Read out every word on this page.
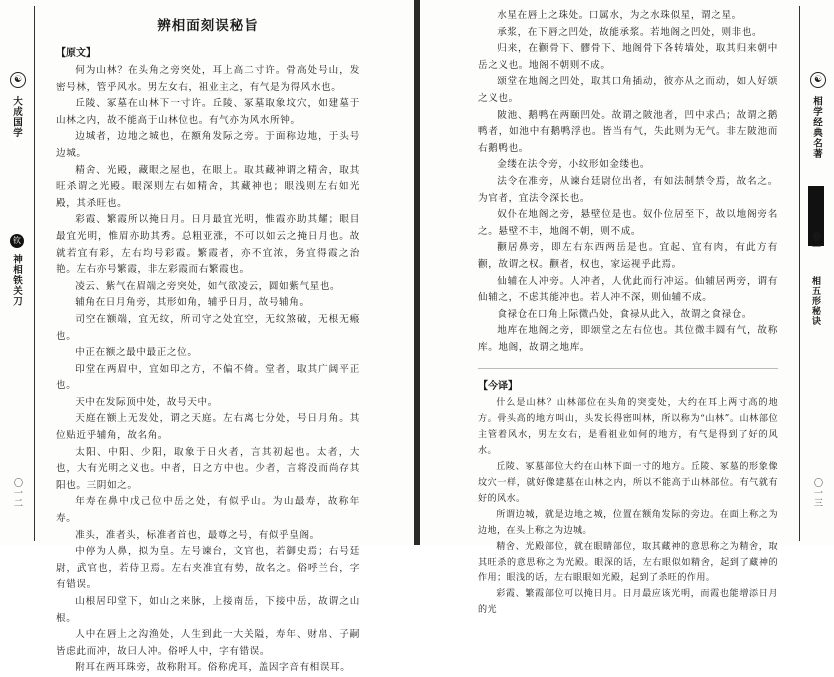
☯
大成国学
钦
神相铁关刀
〇一二
辨相面刻误秘旨
【原文】

何为山林？在头角之旁突处，耳上高二寸许。骨高处号山，发密号林，管乎风水。男左女右，祖业主之，有气是为得风水也。

丘陵、冢墓在山林下一寸许。丘陵、冢墓取象坟穴，如建墓于山林之内，故不能高于山林位也。有气亦为风水所钟。

边城者，边地之城也，在额角发际之旁。于面称边地，于头号边城。

精舍、光殿，藏眼之屋也，在眼上。取其藏神谓之精舍，取其旺杀谓之光殿。眼深则左右如精舍，其藏神也；眼浅则左右如光殿，其杀旺也。

彩霞、繁霞所以掩日月。日月最宜光明，惟霞亦助其耀；眼目最宜光明，惟眉亦助其秀。总粗亚涨，不可以如云之掩日月也。故就若宜有彩，左右均号彩霞。繁霞者，亦不宜浓，务宜得霞之治艳。左右亦号繁霞，非左彩霞而右繁霞也。

凌云、紫气在眉端之旁突处，如气欲凌云，圆如紫气星也。

辅角在日月角旁，其形如角，辅乎日月，故号辅角。

司空在额端，宜无纹，所司守之处宜空，无纹煞破，无根无瘢也。

中正在额之最中最正之位。

印堂在两眉中，宜如印之方，不偏不倚。堂者，取其广阔平正也。

天中在发际顶中处，故号天中。

天庭在额上无发处，谓之天庭。左右离七分处，号日月角。其位贴近乎辅角，故名角。

太阳、中阳、少阳，取象于日火者，言其初起也。太者，大也，大有光明之义也。中者，日之方中也。少者，言将没而尚存其阳也。三阴如之。

年寿在鼻中戊己位中岳之处，有似乎山。为山最寿，故称年寿。

准头，准者头，标准者首也，最尊之号，有似乎皇阁。

中停为人鼻，拟为皇。左号谏台，文官也，若御史焉；右号廷尉，武官也，若侍卫焉。左右夹准宜有势，故名之。俗呼兰台，字有错误。

山根居印堂下，如山之来脉，上接南岳，下接中岳，故谓之山根。

人中在唇上之沟渔处，人生到此一大关隘，寿年、财帛、子嗣皆虑此而冲，故曰人冲。俗呼人中，字有错误。

附耳在两耳珠旁，故称附耳。俗称虎耳，盖因字音有相误耳。

水星在唇上之珠处。口属水，为之水珠似星，谓之星。

承浆，在下唇之凹处，故能承浆。若地阁之凹处，则非也。

归来，在颧骨下、髎骨下、地阁骨下各转墙处，取其归来朝中岳之义也。地阁不朝则不成。

颂堂在地阁之凹处，取其口角插动，彼亦从之而动，如人好颂之义也。

陂池、鹅鸭在两颐凹处。故谓之陂池者，凹中求凸；故谓之鹅鸭者，如池中有鹅鸭浮也。皆当有气，失此则为无气。非左陂池而右鹅鸭也。

金缕在法令旁，小纹形如金缕也。

法令在准旁，从谏台廷尉位出者，有如法制禁令焉，故名之。为官者，宜法令深长也。

奴仆在地阁之旁，悬壁位是也。奴仆位居至下，故以地阁旁名之。悬壁不丰，地阁不朝，则不成。

颧居鼻旁，即左右东西两岳是也。宜起、宜有肉，有此方有颧，故谓之权。颧者，权也，家运视乎此焉。

仙辅在人冲旁。人冲者，人优此而行冲运。仙辅居两旁，谓有仙辅之，不虑其能冲也。若人冲不深，则仙辅不成。

食禄仓在口角上际微凸处，食禄从此入，故谓之食禄仓。

地库在地阁之旁，即颂堂之左右位也。其位微丰圆有气，故称库。地阁，故谓之地库。

【今译】

什么是山林？山林部位在头角的突变处，大约在耳上两寸高的地方。骨头高的地方叫山，头发长得密叫林，所以称为“山林”。山林部位主管着风水，男左女右，是看祖业如何的地方，有气是得到了好的风水。

丘陵、冢墓部位大约在山林下面一寸的地方。丘陵、冢墓的形象像坟穴一样，就好像建墓在山林之内，所以不能高于山林部位。有气就有好的风水。

所谓边城，就是边地之城，位置在额角发际的旁边。在面上称之为边地，在头上称之为边城。

精舍、光殿部位，就在眼睛部位，取其藏神的意思称之为精舍，取其旺杀的意思称之为光殿。眼深的话，左右眼似如精舍，起到了藏神的作用；眼浅的话，左右眼眼如光殿，起到了杀旺的作用。

彩霞、繁霞部位可以掩日月。日月最应该光明，而霞也能增添日月的光

☯
相学经典名著
卷一
相五形秘诀
〇一三
